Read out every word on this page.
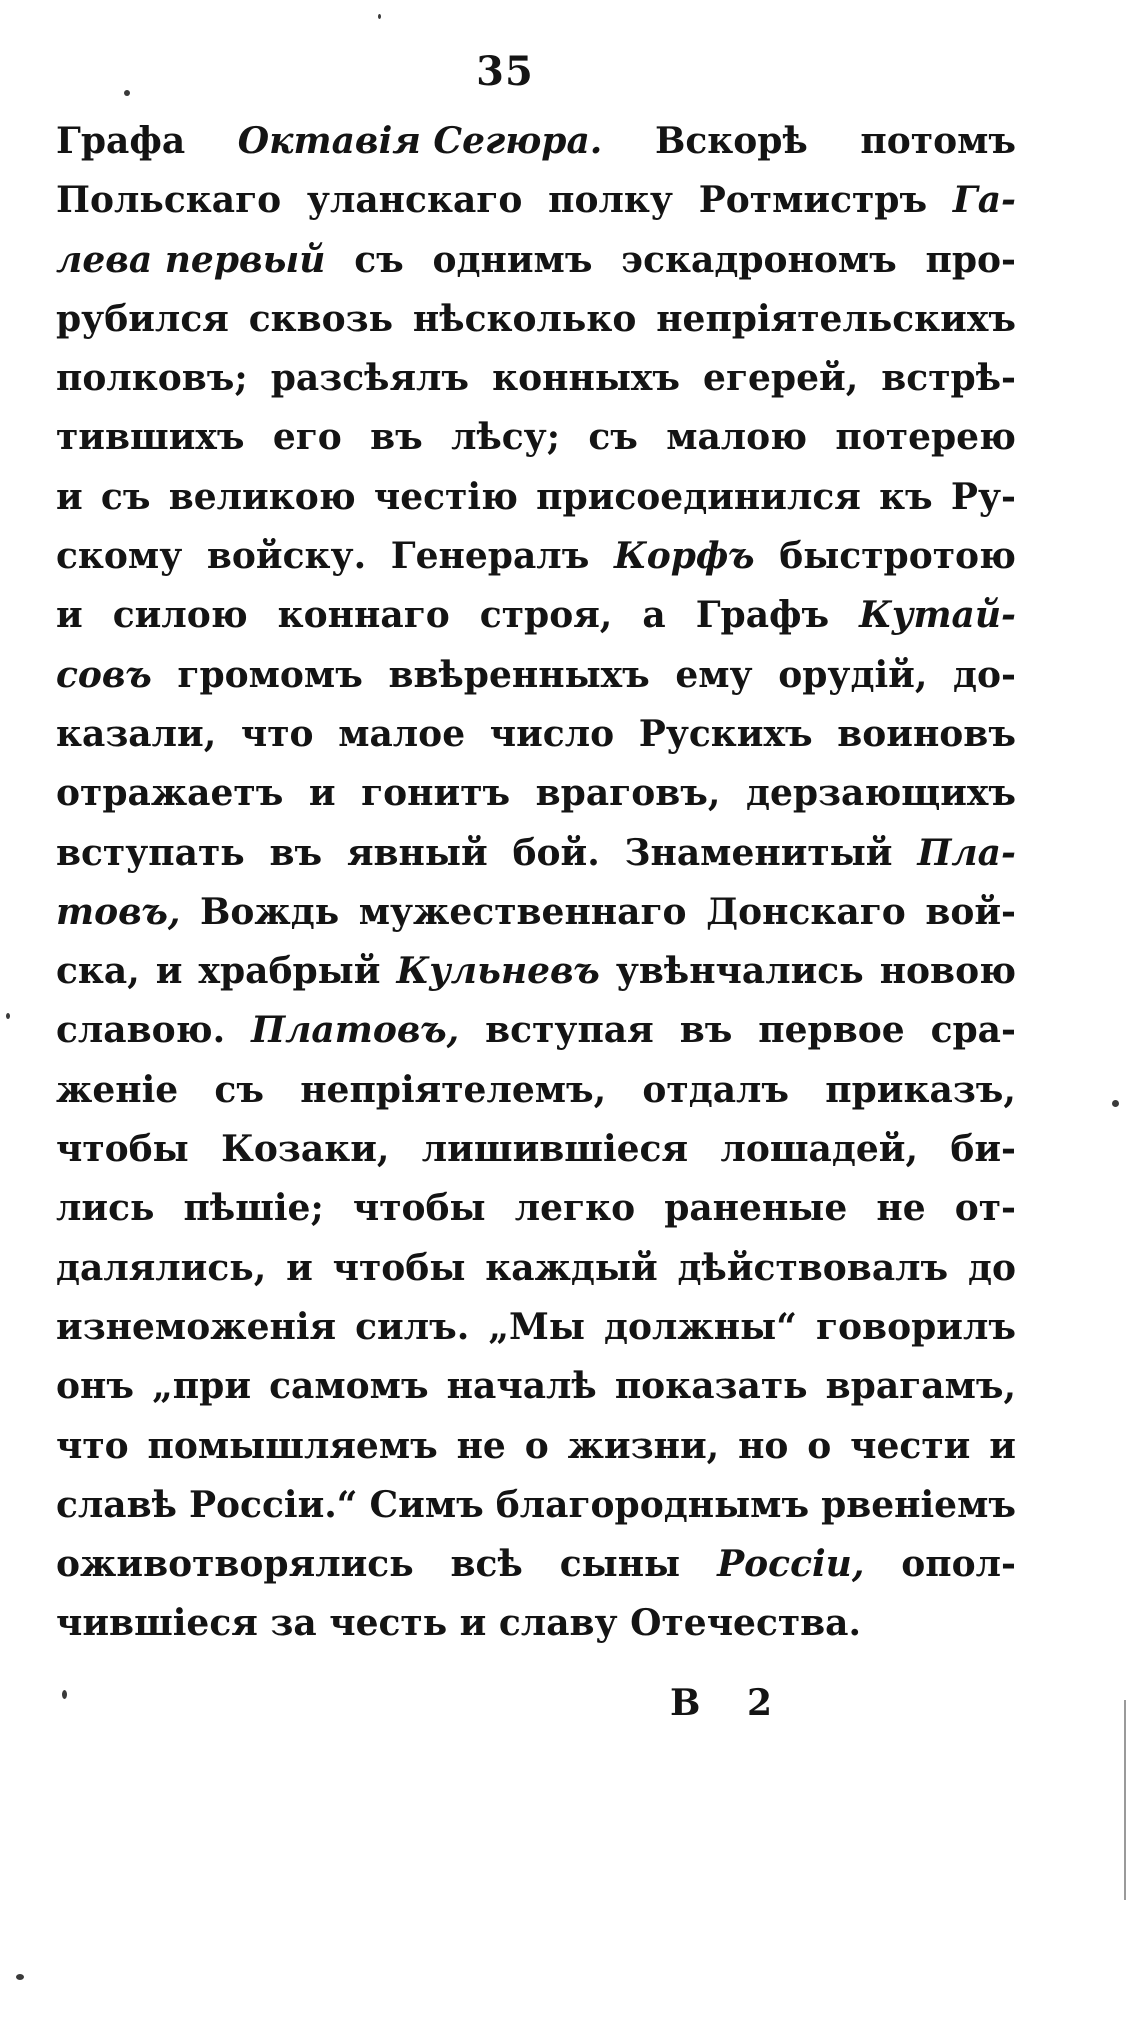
35
Графа Октавія Сегюра. Вскорѣ потомъ
Польскаго уланскаго полку Ротмистръ Га-
лева первый съ однимъ эскадрономъ про-
рубился сквозь нѣсколько непріятельскихъ
полковъ; разсѣялъ конныхъ егерей, встрѣ-
тившихъ его въ лѣсу; съ малою потерею
и съ великою честію присоединился къ Ру-
скому войску. Генералъ Корфъ быстротою
и силою коннаго строя, а Графъ Кутай-
совъ громомъ ввѣренныхъ ему орудій, до-
казали, что малое число Рускихъ воиновъ
отражаетъ и гонитъ враговъ, дерзающихъ
вступать въ явный бой. Знаменитый Пла-
товъ, Вождь мужественнаго Донскаго вой-
ска, и храбрый Кульневъ увѣнчались новою
славою. Платовъ, вступая въ первое сра-
женіе съ непріятелемъ, отдалъ приказъ,
чтобы Козаки, лишившіеся лошадей, би-
лись пѣшіе; чтобы легко раненые не от-
далялись, и чтобы каждый дѣйствовалъ до
изнеможенія силъ. „Мы должны“ говорилъ
онъ „при самомъ началѣ показать врагамъ,
что помышляемъ не о жизни, но о чести и
славѣ Россіи.“ Симъ благороднымъ рвеніемъ
оживотворялись всѣ сыны Россіи, опол-
чившіеся за честь и славу Отечества.
В 2
